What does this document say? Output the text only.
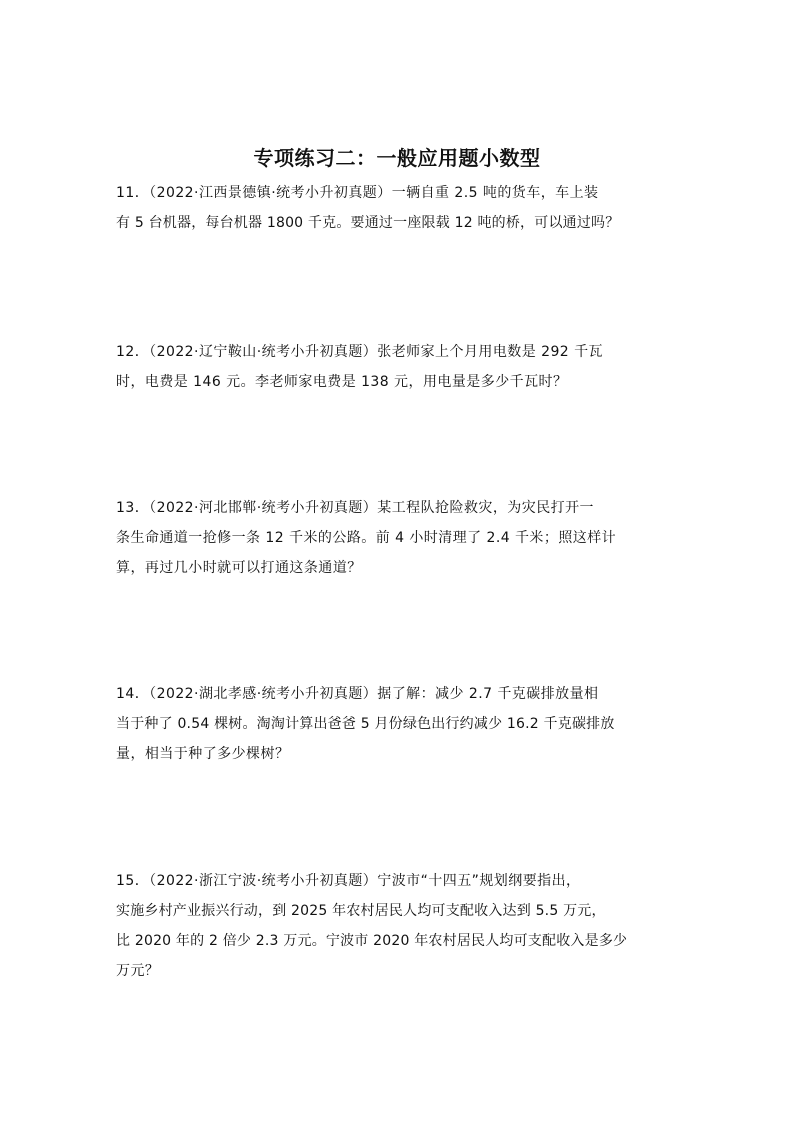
专项练习二：一般应用题小数型
11．（2022·江西景德镇·统考小升初真题）一辆自重 2.5 吨的货车，车上装
有 5 台机器，每台机器 1800 千克。要通过一座限载 12 吨的桥，可以通过吗？
12．（2022·辽宁鞍山·统考小升初真题）张老师家上个月用电数是 292 千瓦
时，电费是 146 元。李老师家电费是 138 元，用电量是多少千瓦时？
13．（2022·河北邯郸·统考小升初真题）某工程队抢险救灾，为灾民打开一
条生命通道一抢修一条 12 千米的公路。前 4 小时清理了 2.4 千米；照这样计
算，再过几小时就可以打通这条通道？
14．（2022·湖北孝感·统考小升初真题）据了解：减少 2.7 千克碳排放量相
当于种了 0.54 棵树。淘淘计算出爸爸 5 月份绿色出行约减少 16.2 千克碳排放
量，相当于种了多少棵树？
15．（2022·浙江宁波·统考小升初真题）宁波市“十四五”规划纲要指出，
实施乡村产业振兴行动，到 2025 年农村居民人均可支配收入达到 5.5 万元，
比 2020 年的 2 倍少 2.3 万元。宁波市 2020 年农村居民人均可支配收入是多少
万元？
